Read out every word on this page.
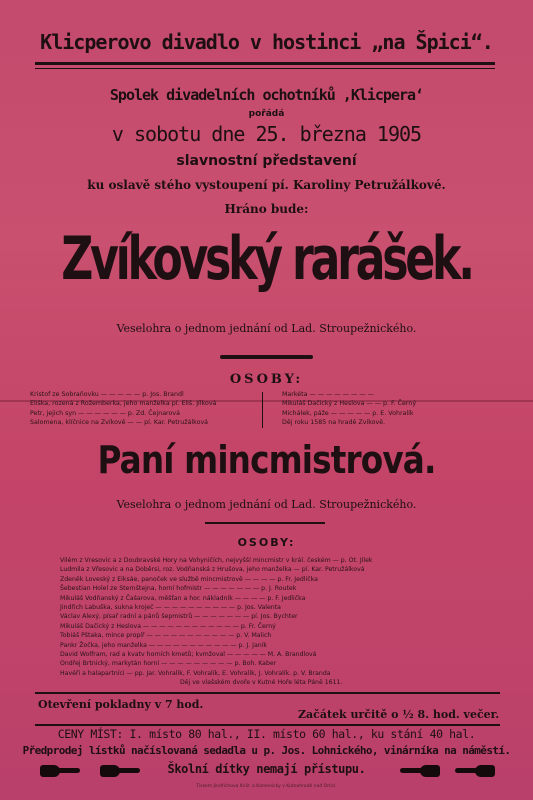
Klicperovo divadlo v hostinci „na Špici“.
Spolek divadelních ochotníků ‚Klicpera‘
pořádá
v sobotu dne 25. března 1905
slavnostní představení
ku oslavě stého vystoupení pí. Karoliny Petružálkové.
Hráno bude:
Zvíkovský rarášek.
Veselohra o jednom jednání od Lad. Stroupežnického.
OSOBY:
Kristof ze Sobraňovku — — — — — p. Jos. Brandl
Eliška, rozená z Rožemberka, jeho manželka pí. Eliš. Jílková
Petr, jejich syn — — — — — — p. Zd. Čejnarová
Salomena, klíčnice na Zvíkově — — pí. Kar. Petružálková
Markéta — — — — — — — —
Mikuláš Dačický z Heslova — — p. F. Černý
Michálek, páže — — — — — p. E. Vohralík
Děj roku 1585 na hradě Zvíkově.
Paní mincmistrová.
Veselohra o jednom jednání od Lad. Stroupežnického.
OSOBY:
Vilém z Vresovic a z Doubravské Hory na Vohyničích, nejvyšší mincmistr v král. českém — p. Ot. Jílek
Ludmila z Vřesovic a na Doběrsi, roz. Vodňanská z Hrušova, jeho manželka — pí. Kar. Petružálková
Zdeněk Loveský z Eiksáe, panoček ve službě mincmistrově — — — — p. Fr. Jedlička
Šebestian Holel ze Sternštejna, horní hofmistr — — — — — — — p. J. Routek
Mikuláš Vodňanský z Čašarova, měšťan a hor. nákladník — — — — p. F. Jedlička
Jindřich Labuška, sukna kroječ — — — — — — — — — — p. Jos. Valenta
Václav Alexý, písař radní a pánů šepmistrů — — — — — — — pí. Jos. Bychter
Mikuláš Dačický z Heslova — — — — — — — — — — — — p. Fr. Černý
Tobiáš Pštaka, mince propíř — — — — — — — — — — — p. V. Malich
Pankr Žočka, jeho manželka — — — — — — — — — — — p. J. Janík
David Wolfram, rad a kvatv horních kmetů; kvmžoval — — — — — M. A. Brandlová
Ondřej Brtnický, markytán horní — — — — — — — — — p. Boh. Kaber
Havéři a halapartníci — pp. Jar. Vohralík, F. Vohralík, E. Vohralík, J. Vohralík. p. V. Branda
Děj ve vlašském dvoře v Kutné Hoře léta Páně 1611.
Otevření pokladny v 7 hod.
Začátek určitě o ½ 8. hod. večer.
CENY MÍST: I. místo 80 hal., II. místo 60 hal., ku stání 40 hal.
Předprodej lístků načíslovaná sedadla u p. Jos. Lohnického, vinárníka na náměstí.
Školní dítky nemají přístupu.
Tiskem Jindřichova Kníž. a Kamenicky v Kutnohradě nad Orlicí.
